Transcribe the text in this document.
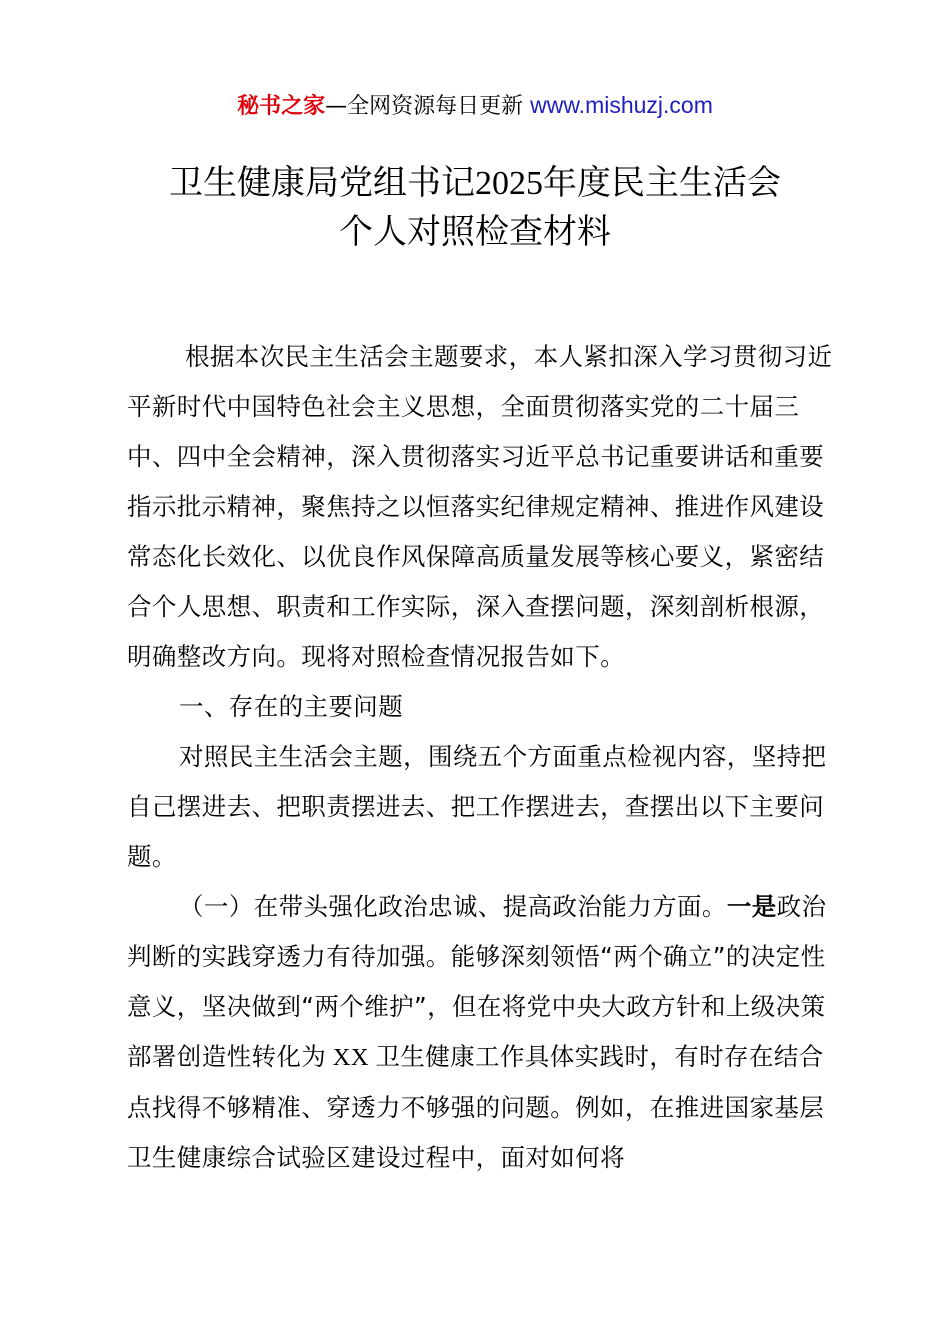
秘书之家—全网资源每日更新 www.mishuzj.com
卫生健康局党组书记2025年度民主生活会
个人对照检查材料

根据本次民主生活会主题要求，本人紧扣深入学习贯彻习近平新时代中国特色社会主义思想，全面贯彻落实党的二十届三中、四中全会精神，深入贯彻落实习近平总书记重要讲话和重要指示批示精神，聚焦持之以恒落实纪律规定精神、推进作风建设常态化长效化、以优良作风保障高质量发展等核心要义，紧密结合个人思想、职责和工作实际，深入查摆问题，深刻剖析根源，明确整改方向。现将对照检查情况报告如下。

一、存在的主要问题

对照民主生活会主题，围绕五个方面重点检视内容，坚持把自己摆进去、把职责摆进去、把工作摆进去，查摆出以下主要问题。

（一）在带头强化政治忠诚、提高政治能力方面。一是政治判断的实践穿透力有待加强。能够深刻领悟“两个确立”的决定性意义，坚决做到“两个维护”，但在将党中央大政方针和上级决策部署创造性转化为 XX 卫生健康工作具体实践时，有时存在结合点找得不够精准、穿透力不够强的问题。例如，在推进国家基层卫生健康综合试验区建设过程中，面对如何将
